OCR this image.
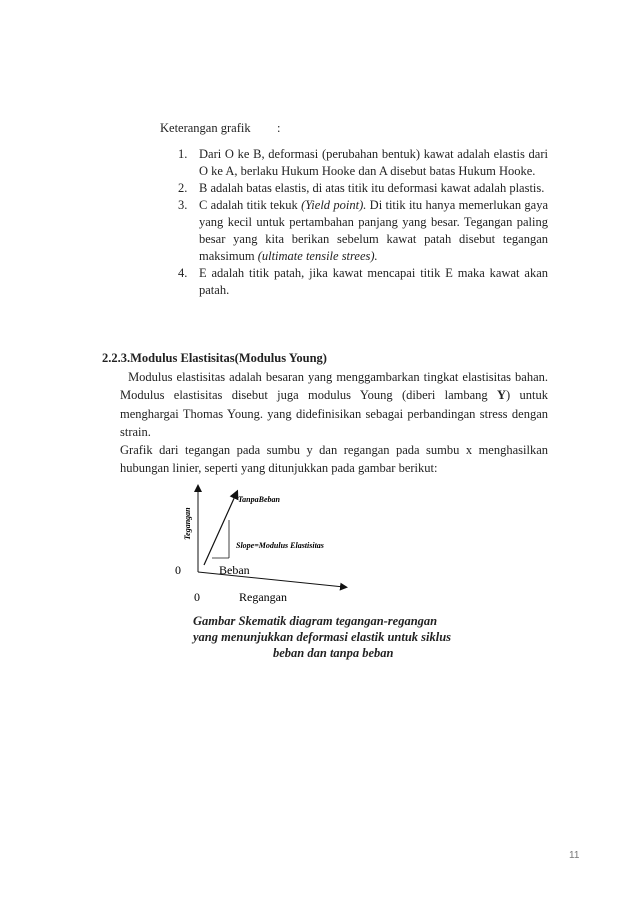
Keterangan grafik :
1. Dari O ke B, deformasi (perubahan bentuk) kawat adalah elastis dari O ke A, berlaku Hukum Hooke dan A disebut batas Hukum Hooke.
2. B adalah batas elastis, di atas titik itu deformasi kawat adalah plastis.
3. C adalah titik tekuk (Yield point). Di titik itu hanya memerlukan gaya yang kecil untuk pertambahan panjang yang besar. Tegangan paling besar yang kita berikan sebelum kawat patah disebut tegangan maksimum (ultimate tensile strees).
4. E adalah titik patah, jika kawat mencapai titik E maka kawat akan patah.
2.2.3.Modulus Elastisitas(Modulus Young)

Modulus elastisitas adalah besaran yang menggambarkan tingkat elastisitas bahan. Modulus elastisitas disebut juga modulus Young (diberi lambang Y) untuk menghargai Thomas Young. yang didefinisikan sebagai perbandingan stress dengan strain.

Grafik dari tegangan pada sumbu y dan regangan pada sumbu x menghasilkan hubungan linier, seperti yang ditunjukkan pada gambar berikut:

Tegangan
TanpaBeban
Slope=Modulus Elastisitas
0	Beban
0	Regangan
Gambar Skematik diagram tegangan-regangan
yang menunjukkan deformasi elastik untuk siklus
beban dan tanpa beban
11
